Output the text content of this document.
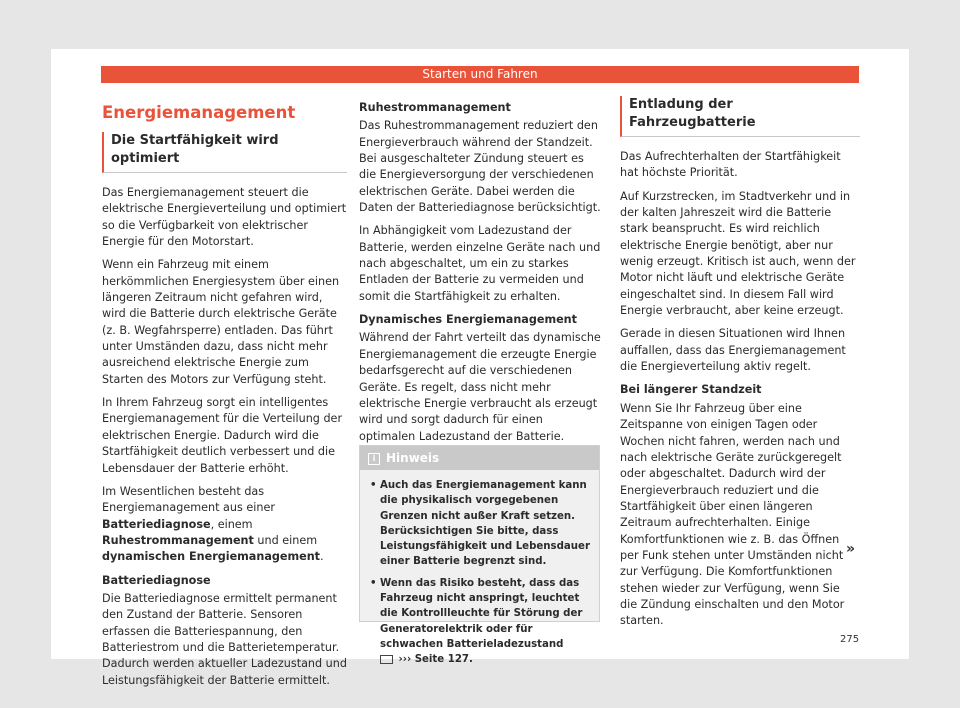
Starten und Fahren
Energiemanagement
Die Startfähigkeit wird optimiert

Das Energiemanagement steuert die elektrische Energieverteilung und optimiert so die Verfügbarkeit von elektrischer Energie für den Motorstart.

Wenn ein Fahrzeug mit einem herkömmlichen Energiesystem über einen längeren Zeitraum nicht gefahren wird, wird die Batterie durch elektrische Geräte (z. B. Wegfahrsperre) entladen. Das führt unter Umständen dazu, dass nicht mehr ausreichend elektrische Energie zum Starten des Motors zur Verfügung steht.

In Ihrem Fahrzeug sorgt ein intelligentes Energiemanagement für die Verteilung der elektrischen Energie. Dadurch wird die Startfähigkeit deutlich verbessert und die Lebensdauer der Batterie erhöht.

Im Wesentlichen besteht das Energiemanagement aus einer Batteriediagnose, einem Ruhestrommanagement und einem dynamischen Energiemanagement.

Batteriediagnose

Die Batteriediagnose ermittelt permanent den Zustand der Batterie. Sensoren erfassen die Batteriespannung, den Batteriestrom und die Batterietemperatur. Dadurch werden aktueller Ladezustand und Leistungsfähigkeit der Batterie ermittelt.

Ruhestrommanagement

Das Ruhestrommanagement reduziert den Energieverbrauch während der Standzeit. Bei ausgeschalteter Zündung steuert es die Energieversorgung der verschiedenen elektrischen Geräte. Dabei werden die Daten der Batteriediagnose berücksichtigt.

In Abhängigkeit vom Ladezustand der Batterie, werden einzelne Geräte nach und nach abgeschaltet, um ein zu starkes Entladen der Batterie zu vermeiden und somit die Startfähigkeit zu erhalten.

Dynamisches Energiemanagement

Während der Fahrt verteilt das dynamische Energiemanagement die erzeugte Energie bedarfsgerecht auf die verschiedenen Geräte. Es regelt, dass nicht mehr elektrische Energie verbraucht als erzeugt wird und sorgt dadurch für einen optimalen Ladezustand der Batterie.

i Hinweis
• Auch das Energiemanagement kann die physikalisch vorgegebenen Grenzen nicht außer Kraft setzen. Berücksichtigen Sie bitte, dass Leistungsfähigkeit und Lebensdauer einer Batterie begrenzt sind.
• Wenn das Risiko besteht, dass das Fahrzeug nicht anspringt, leuchtet die Kontrollleuchte für Störung der Generatorelektrik oder für schwachen Batterieladezustand
››› Seite 127.
Entladung der Fahrzeugbatterie

Das Aufrechterhalten der Startfähigkeit hat höchste Priorität.

Auf Kurzstrecken, im Stadtverkehr und in der kalten Jahreszeit wird die Batterie stark beansprucht. Es wird reichlich elektrische Energie benötigt, aber nur wenig erzeugt. Kritisch ist auch, wenn der Motor nicht läuft und elektrische Geräte eingeschaltet sind. In diesem Fall wird Energie verbraucht, aber keine erzeugt.

Gerade in diesen Situationen wird Ihnen auffallen, dass das Energiemanagement die Energieverteilung aktiv regelt.

Bei längerer Standzeit

Wenn Sie Ihr Fahrzeug über eine Zeitspanne von einigen Tagen oder Wochen nicht fahren, werden nach und nach elektrische Geräte zurückgeregelt oder abgeschaltet. Dadurch wird der Energieverbrauch reduziert und die Startfähigkeit über einen längeren Zeitraum aufrechterhalten. Einige Komfortfunktionen wie z. B. das Öffnen per Funk stehen unter Umständen nicht zur Verfügung. Die Komfortfunktionen stehen wieder zur Verfügung, wenn Sie die Zündung einschalten und den Motor starten.

»
275
